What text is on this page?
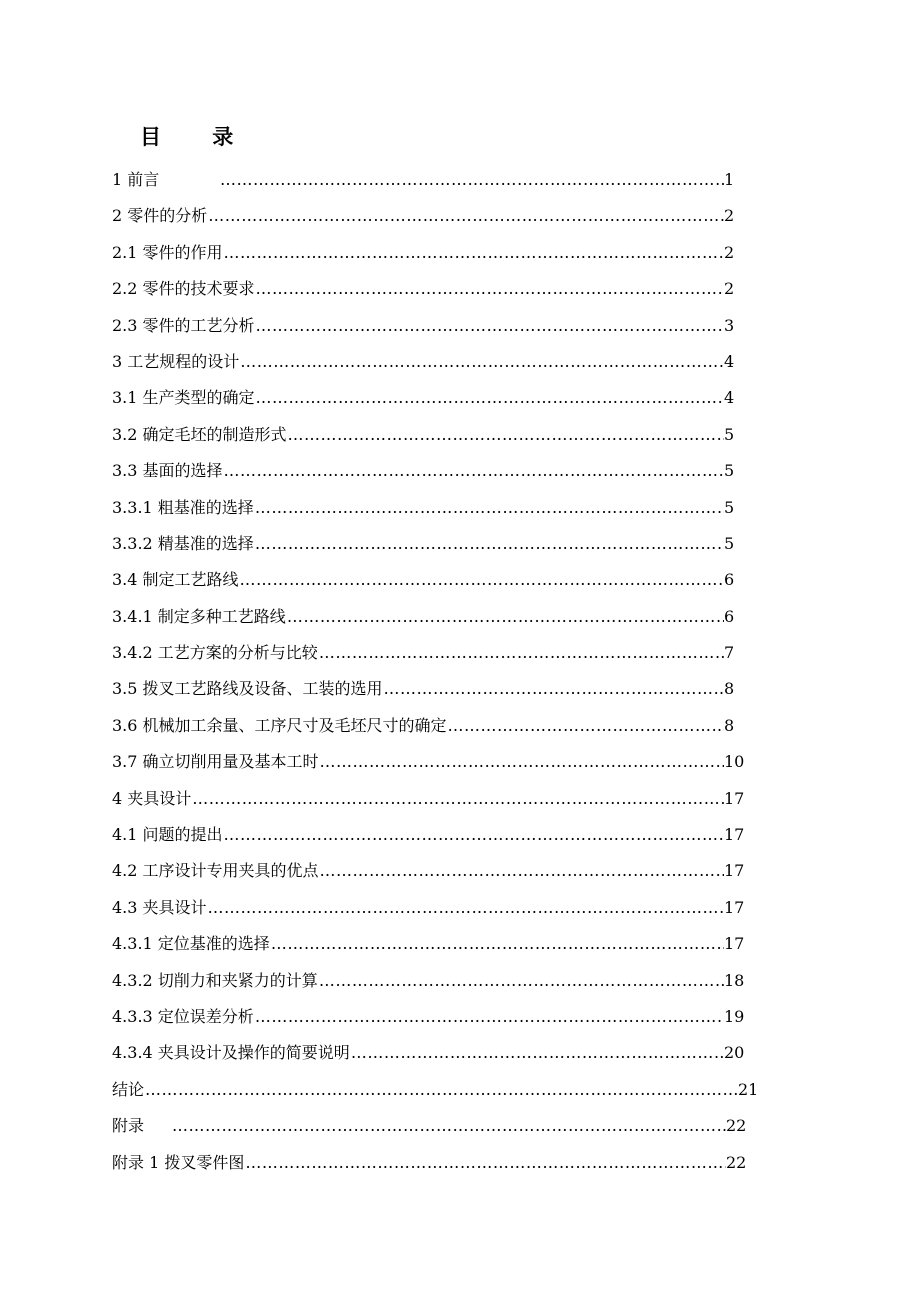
目 录
1 前言 …………………………………………………………………………………………………………………………………………………………	1
2 零件的分析 …………………………………………………………………………………………………………………………………………………………	2
2.1 零件的作用 …………………………………………………………………………………………………………………………………………………………	2
2.2 零件的技术要求 …………………………………………………………………………………………………………………………………………………………	2
2.3 零件的工艺分析 …………………………………………………………………………………………………………………………………………………………	3
3 工艺规程的设计 …………………………………………………………………………………………………………………………………………………………	4
3.1 生产类型的确定 …………………………………………………………………………………………………………………………………………………………	4
3.2 确定毛坯的制造形式 …………………………………………………………………………………………………………………………………………………………	5
3.3 基面的选择 …………………………………………………………………………………………………………………………………………………………	5
3.3.1 粗基准的选择 …………………………………………………………………………………………………………………………………………………………	5
3.3.2 精基准的选择 …………………………………………………………………………………………………………………………………………………………	5
3.4 制定工艺路线 …………………………………………………………………………………………………………………………………………………………	6
3.4.1 制定多种工艺路线 …………………………………………………………………………………………………………………………………………………………	6
3.4.2 工艺方案的分析与比较 …………………………………………………………………………………………………………………………………………………………	7
3.5 拨叉工艺路线及设备、工装的选用 …………………………………………………………………………………………………………………………………………………………	8
3.6 机械加工余量、工序尺寸及毛坯尺寸的确定 …………………………………………………………………………………………………………………………………………………………	8
3.7 确立切削用量及基本工时 …………………………………………………………………………………………………………………………………………………………	10
4 夹具设计 …………………………………………………………………………………………………………………………………………………………	17
4.1 问题的提出 …………………………………………………………………………………………………………………………………………………………	17
4.2 工序设计专用夹具的优点 …………………………………………………………………………………………………………………………………………………………	17
4.3 夹具设计 …………………………………………………………………………………………………………………………………………………………	17
4.3.1 定位基准的选择 …………………………………………………………………………………………………………………………………………………………	17
4.3.2 切削力和夹紧力的计算 …………………………………………………………………………………………………………………………………………………………	18
4.3.3 定位误差分析 …………………………………………………………………………………………………………………………………………………………	19
4.3.4 夹具设计及操作的简要说明 …………………………………………………………………………………………………………………………………………………………	20
结论 …………………………………………………………………………………………………………………………………………………………	21
附录 …………………………………………………………………………………………………………………………………………………………	22
附录 1 拨叉零件图 …………………………………………………………………………………………………………………………………………………………	22
